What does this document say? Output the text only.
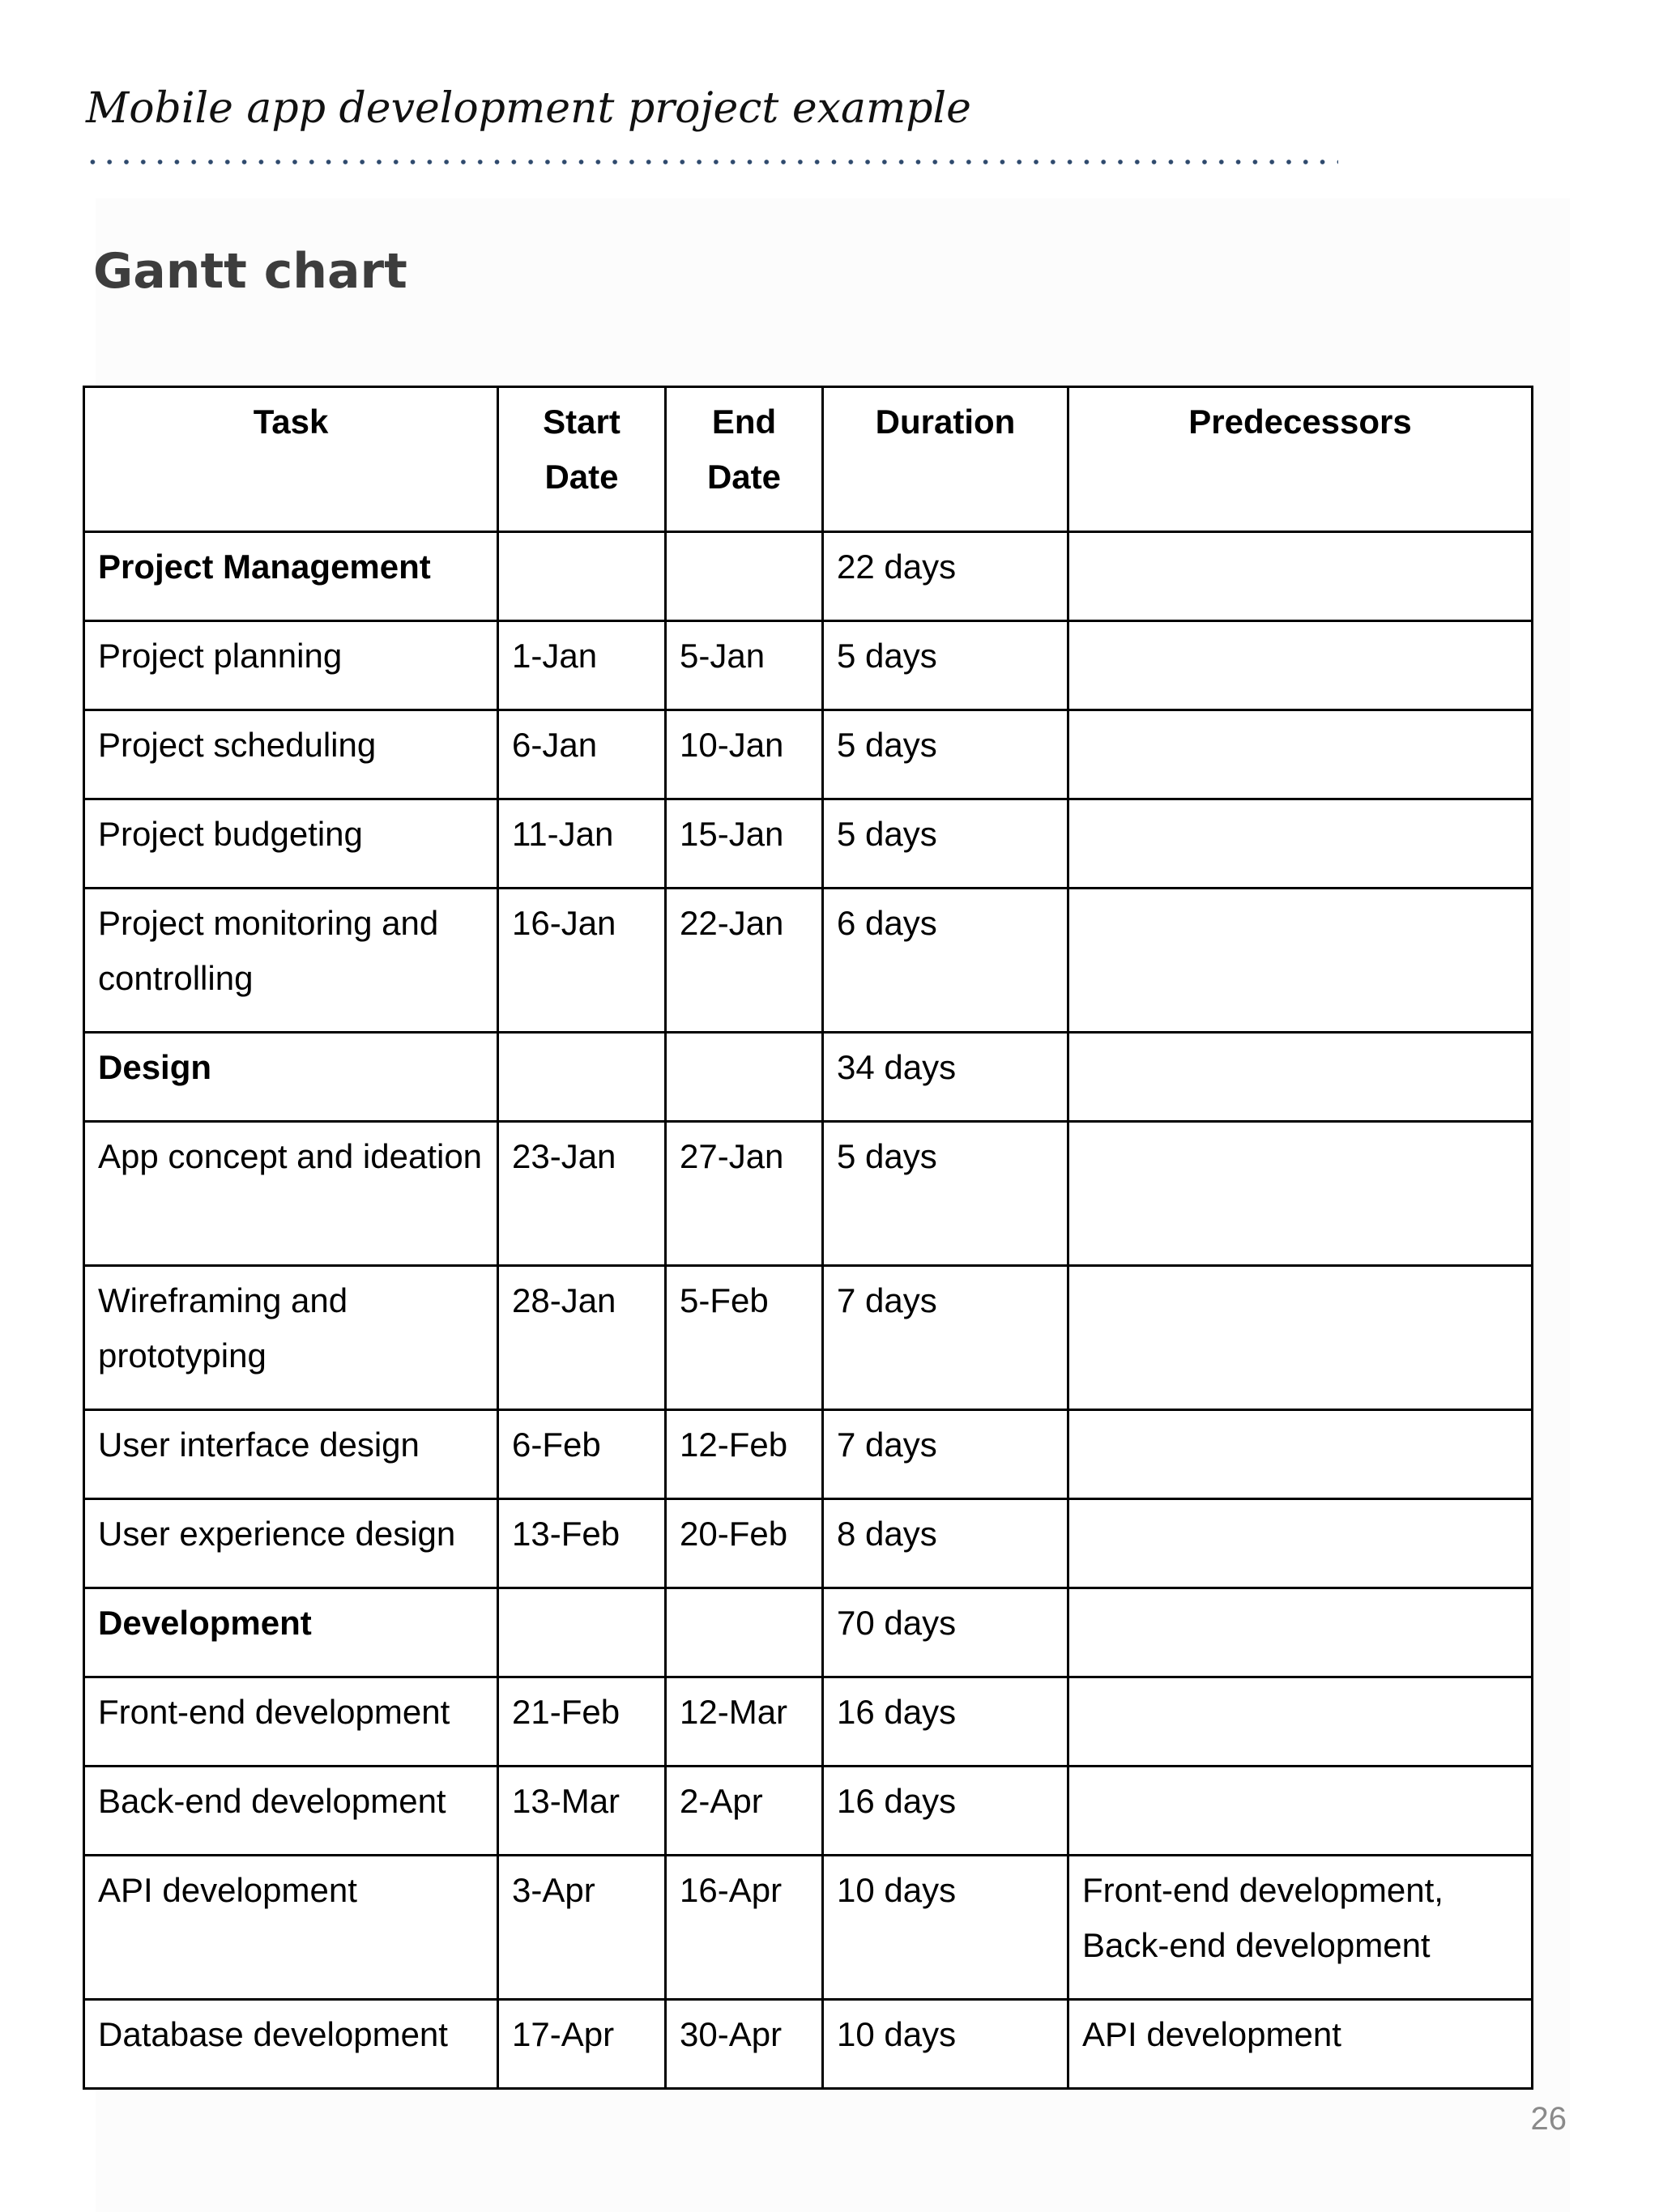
Mobile app development project example
Gantt chart
Task	Start Date	End Date	Duration	Predecessors
Project Management			22 days	
Project planning	1-Jan	5-Jan	5 days	
Project scheduling	6-Jan	10-Jan	5 days	
Project budgeting	11-Jan	15-Jan	5 days	
Project monitoring and controlling	16-Jan	22-Jan	6 days	
Design			34 days	
App concept and ideation	23-Jan	27-Jan	5 days	
Wireframing and prototyping	28-Jan	5-Feb	7 days	
User interface design	6-Feb	12-Feb	7 days	
User experience design	13-Feb	20-Feb	8 days	
Development			70 days	
Front-end development	21-Feb	12-Mar	16 days	
Back-end development	13-Mar	2-Apr	16 days	
API development	3-Apr	16-Apr	10 days	Front-end development, Back-end development
Database development	17-Apr	30-Apr	10 days	API development
26
